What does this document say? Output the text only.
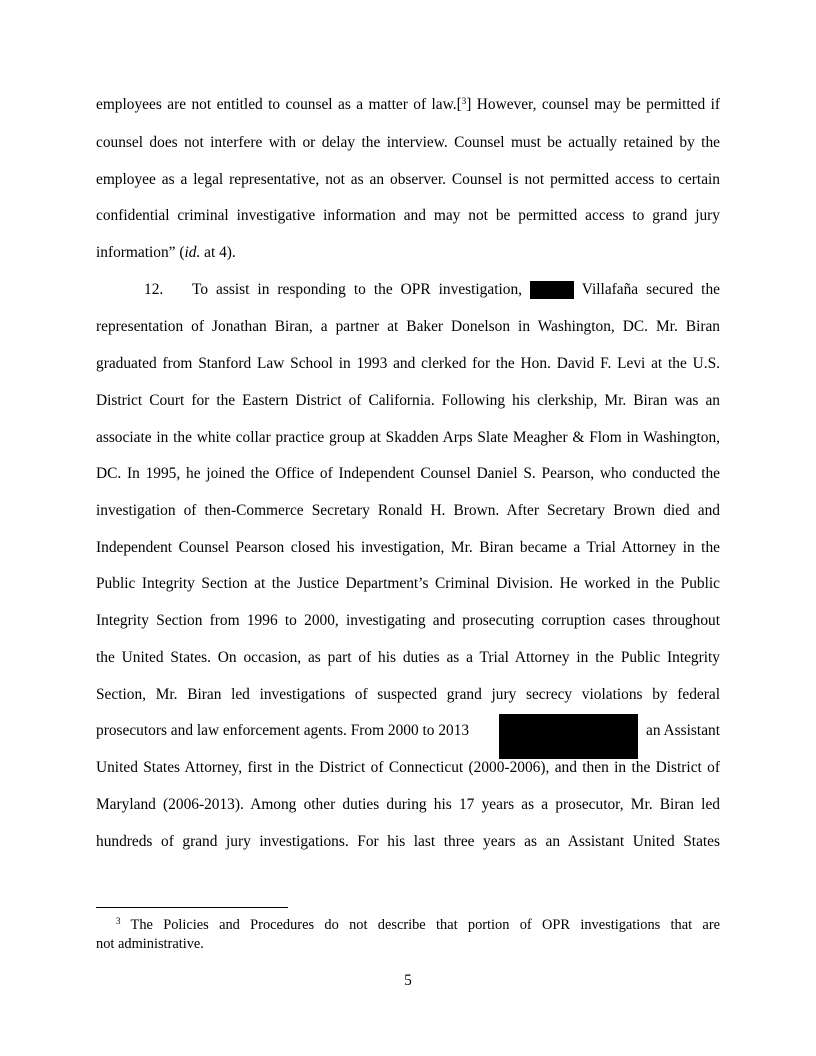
employees are not entitled to counsel as a matter of law.[$^3$] However, counsel may be permitted if
counsel does not interfere with or delay the interview. Counsel must be actually retained by the
employee as a legal representative, not as an observer. Counsel is not permitted access to certain
confidential criminal investigative information and may not be permitted access to grand jury
information” (id. at 4).
12. To assist in responding to the OPR investigation,	Villafaña secured the
representation of Jonathan Biran, a partner at Baker Donelson in Washington, DC. Mr. Biran
graduated from Stanford Law School in 1993 and clerked for the Hon. David F. Levi at the U.S.
District Court for the Eastern District of California. Following his clerkship, Mr. Biran was an
associate in the white collar practice group at Skadden Arps Slate Meagher & Flom in Washington,
DC. In 1995, he joined the Office of Independent Counsel Daniel S. Pearson, who conducted the
investigation of then-Commerce Secretary Ronald H. Brown. After Secretary Brown died and
Independent Counsel Pearson closed his investigation, Mr. Biran became a Trial Attorney in the
Public Integrity Section at the Justice Department’s Criminal Division. He worked in the Public
Integrity Section from 1996 to 2000, investigating and prosecuting corruption cases throughout
the United States. On occasion, as part of his duties as a Trial Attorney in the Public Integrity
Section, Mr. Biran led investigations of suspected grand jury secrecy violations by federal
prosecutors and law enforcement agents. From 2000 to 2013	an Assistant
United States Attorney, first in the District of Connecticut (2000-2006), and then in the District of
Maryland (2006-2013). Among other duties during his 17 years as a prosecutor, Mr. Biran led
hundreds of grand jury investigations. For his last three years as an Assistant United States
$^3$ The Policies and Procedures do not describe that portion of OPR investigations that are
not administrative.
5
